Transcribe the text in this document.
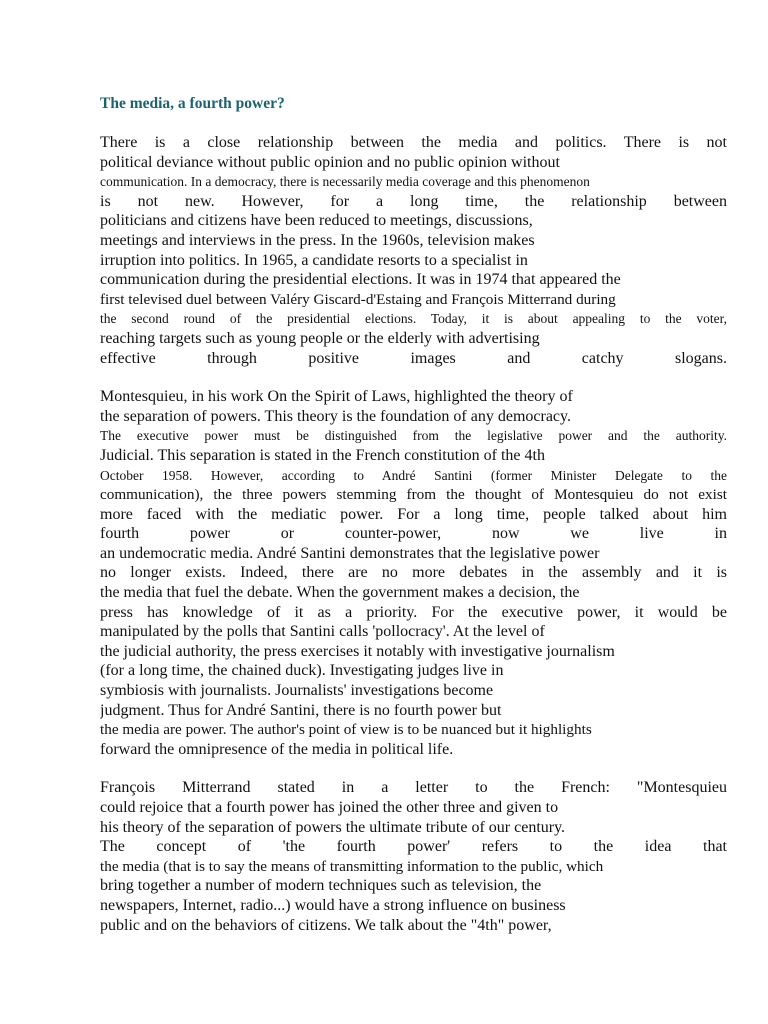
The media, a fourth power?
There is a close relationship between the media and politics. There is not
political deviance without public opinion and no public opinion without
communication. In a democracy, there is necessarily media coverage and this phenomenon
is not new. However, for a long time, the relationship between
politicians and citizens have been reduced to meetings, discussions,
meetings and interviews in the press. In the 1960s, television makes
irruption into politics. In 1965, a candidate resorts to a specialist in
communication during the presidential elections. It was in 1974 that appeared the
first televised duel between Valéry Giscard-d'Estaing and François Mitterrand during
the second round of the presidential elections. Today, it is about appealing to the voter,
reaching targets such as young people or the elderly with advertising
effective through positive images and catchy slogans.
Montesquieu, in his work On the Spirit of Laws, highlighted the theory of
the separation of powers. This theory is the foundation of any democracy.
The executive power must be distinguished from the legislative power and the authority.
Judicial. This separation is stated in the French constitution of the 4th
October 1958. However, according to André Santini (former Minister Delegate to the
communication), the three powers stemming from the thought of Montesquieu do not exist
more faced with the mediatic power. For a long time, people talked about him
fourth power or counter-power, now we live in
an undemocratic media. André Santini demonstrates that the legislative power
no longer exists. Indeed, there are no more debates in the assembly and it is
the media that fuel the debate. When the government makes a decision, the
press has knowledge of it as a priority. For the executive power, it would be
manipulated by the polls that Santini calls 'pollocracy'. At the level of
the judicial authority, the press exercises it notably with investigative journalism
(for a long time, the chained duck). Investigating judges live in
symbiosis with journalists. Journalists' investigations become
judgment. Thus for André Santini, there is no fourth power but
the media are power. The author's point of view is to be nuanced but it highlights
forward the omnipresence of the media in political life.
François Mitterrand stated in a letter to the French: "Montesquieu
could rejoice that a fourth power has joined the other three and given to
his theory of the separation of powers the ultimate tribute of our century.
The concept of 'the fourth power' refers to the idea that
the media (that is to say the means of transmitting information to the public, which
bring together a number of modern techniques such as television, the
newspapers, Internet, radio...) would have a strong influence on business
public and on the behaviors of citizens. We talk about the "4th" power,
